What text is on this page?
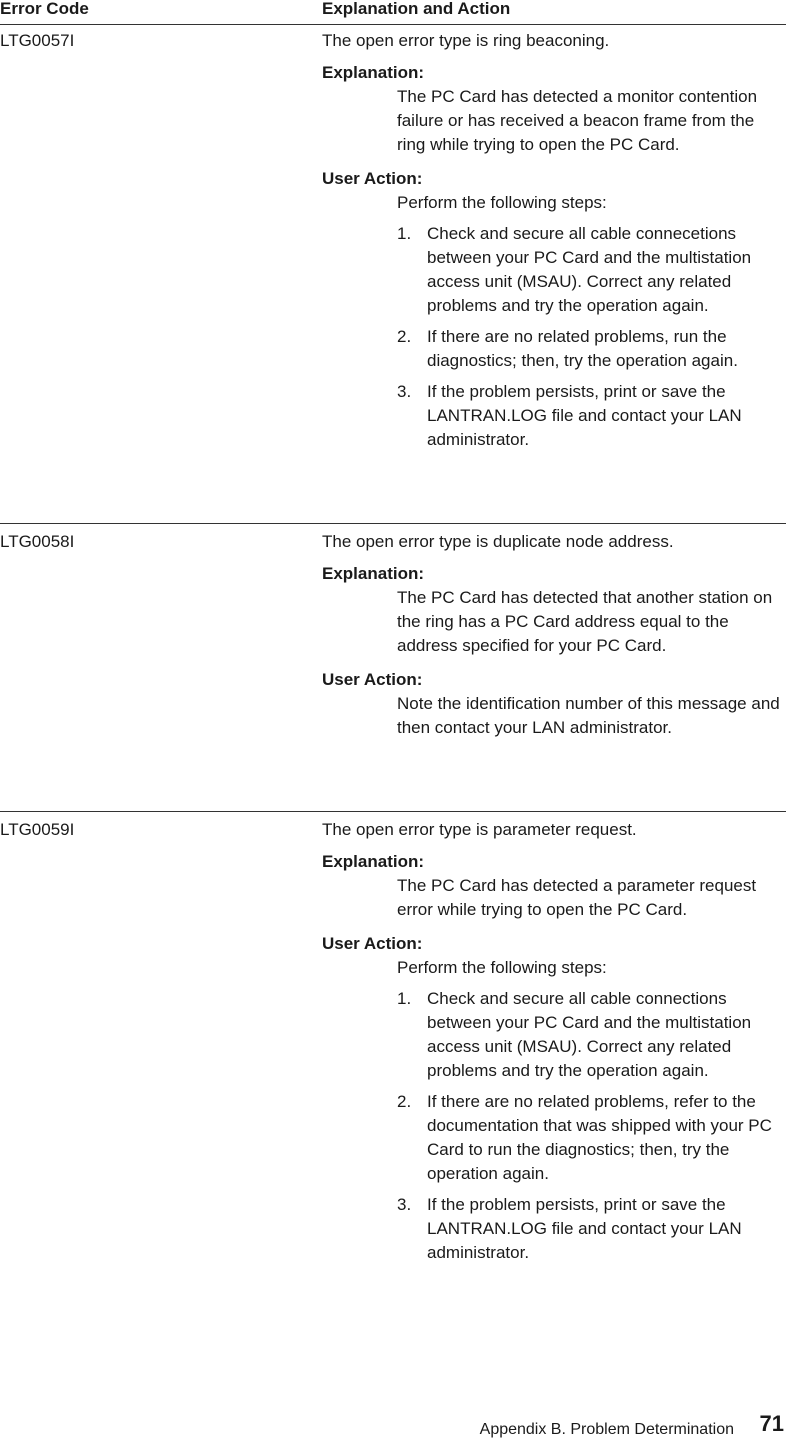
Error Code	Explanation and Action
LTG0057I	The open error type is ring beaconing.

Explanation:

The PC Card has detected a monitor contention failure or has received a beacon frame from the ring while trying to open the PC Card.

User Action:

Perform the following steps:

1. Check and secure all cable connecetions between your PC Card and the multistation access unit (MSAU). Correct any related problems and try the operation again.
2. If there are no related problems, run the diagnostics; then, try the operation again.
3. If the problem persists, print or save the LANTRAN.LOG file and contact your LAN administrator.
LTG0058I	The open error type is duplicate node address.

Explanation:

The PC Card has detected that another station on the ring has a PC Card address equal to the address specified for your PC Card.

User Action:

Note the identification number of this message and then contact your LAN administrator.

LTG0059I	The open error type is parameter request.

Explanation:

The PC Card has detected a parameter request error while trying to open the PC Card.

User Action:

Perform the following steps:

1. Check and secure all cable connections between your PC Card and the multistation access unit (MSAU). Correct any related problems and try the operation again.
2. If there are no related problems, refer to the documentation that was shipped with your PC Card to run the diagnostics; then, try the operation again.
3. If the problem persists, print or save the LANTRAN.LOG file and contact your LAN administrator.
Appendix B. Problem Determination 71
